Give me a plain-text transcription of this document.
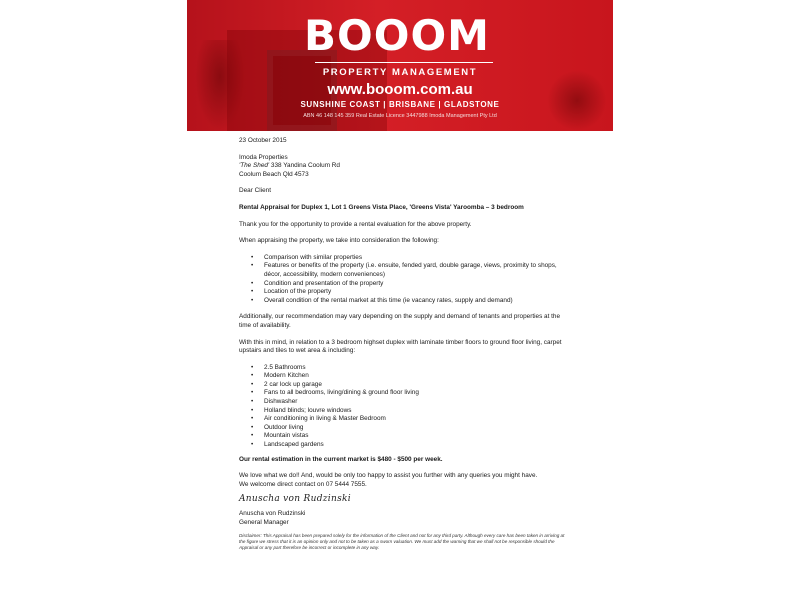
BOOOM
PROPERTY MANAGEMENT
www.booom.com.au
SUNSHINE COAST | BRISBANE | GLADSTONE
ABN 46 148 145 359 Real Estate Licence 3447988 Imoda Management Pty Ltd

23 October 2015

Imoda Properties

'The Shed' 338 Yandina Coolum Rd

Coolum Beach Qld 4573

Dear Client

Rental Appraisal for Duplex 1, Lot 1 Greens Vista Place, 'Greens Vista' Yaroomba – 3 bedroom

Thank you for the opportunity to provide a rental evaluation for the above property.

When appraising the property, we take into consideration the following:

• Comparison with similar properties
• Features or benefits of the property (i.e. ensuite, fended yard, double garage, views, proximity to shops, décor, accessibility, modern conveniences)
• Condition and presentation of the property
• Location of the property
• Overall condition of the rental market at this time (ie vacancy rates, supply and demand)

Additionally, our recommendation may vary depending on the supply and demand of tenants and properties at the time of availability.

With this in mind, in relation to a 3 bedroom highset duplex with laminate timber floors to ground floor living, carpet upstairs and tiles to wet area & including:

• 2.5 Bathrooms
• Modern Kitchen
• 2 car lock up garage
• Fans to all bedrooms, living/dining & ground floor living
• Dishwasher
• Holland blinds; louvre windows
• Air conditioning in living & Master Bedroom
• Outdoor living
• Mountain vistas
• Landscaped gardens

Our rental estimation in the current market is $480 - $500 per week.

We love what we do!! And, would be only too happy to assist you further with any queries you might have.

We welcome direct contact on 07 5444 7555.

Anuscha von Rudzinski

Anuscha von Rudzinski

General Manager

Disclaimer: This Appraisal has been prepared solely for the information of the Client and not for any third party. Although every care has been taken in arriving at the figure we stress that it is an opinion only and not to be taken as a sworn valuation. We must add the warning that we shall not be responsible should the Appraisal or any part therefore be incorrect or incomplete in any way.
